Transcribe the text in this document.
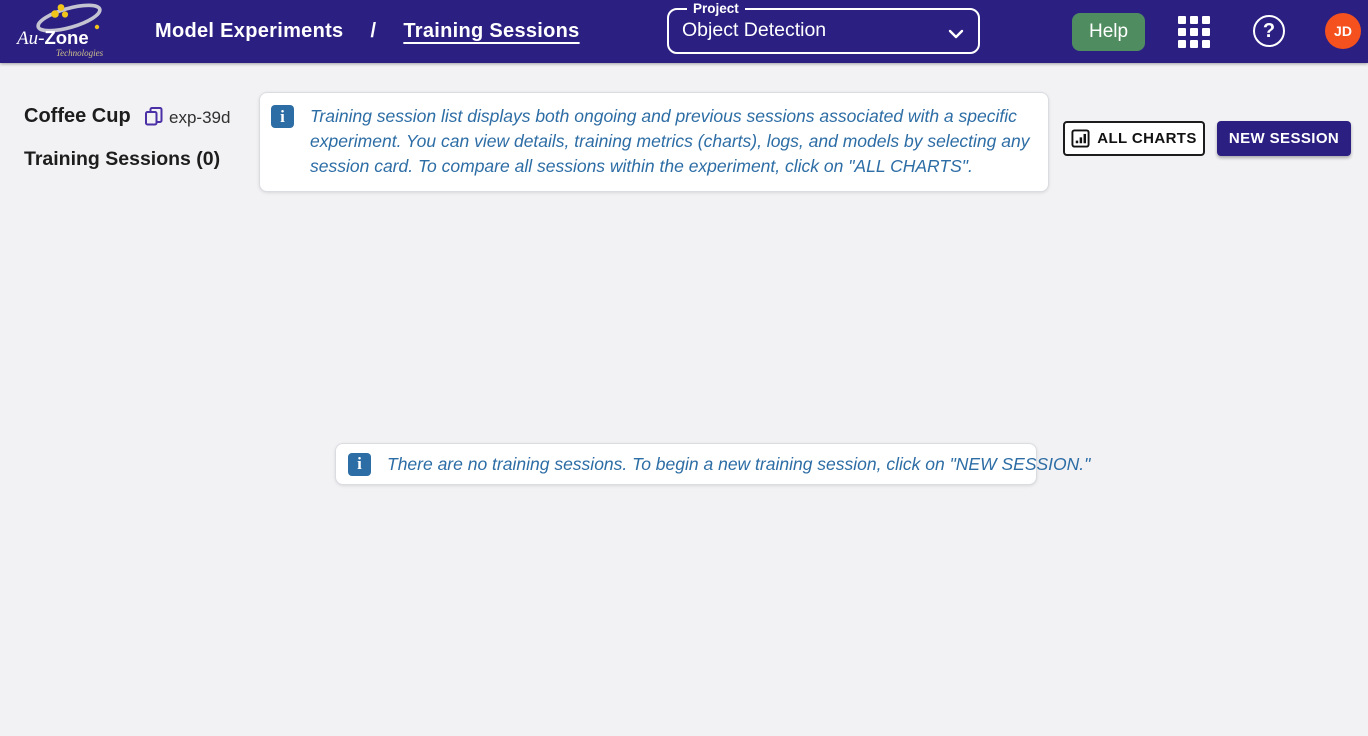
Au-Zone
Technologies
Model Experiments / Training Sessions
Project
Object Detection	Help	?	JD
Coffee Cup exp-39d
Training Sessions (0)
i	Training session list displays both ongoing and previous sessions associated with a specific experiment. You can view details, training metrics (charts), logs, and models by selecting any session card. To compare all sessions within the experiment, click on "ALL CHARTS".
ALL CHARTS NEW SESSION
i	There are no training sessions. To begin a new training session, click on "NEW SESSION."
